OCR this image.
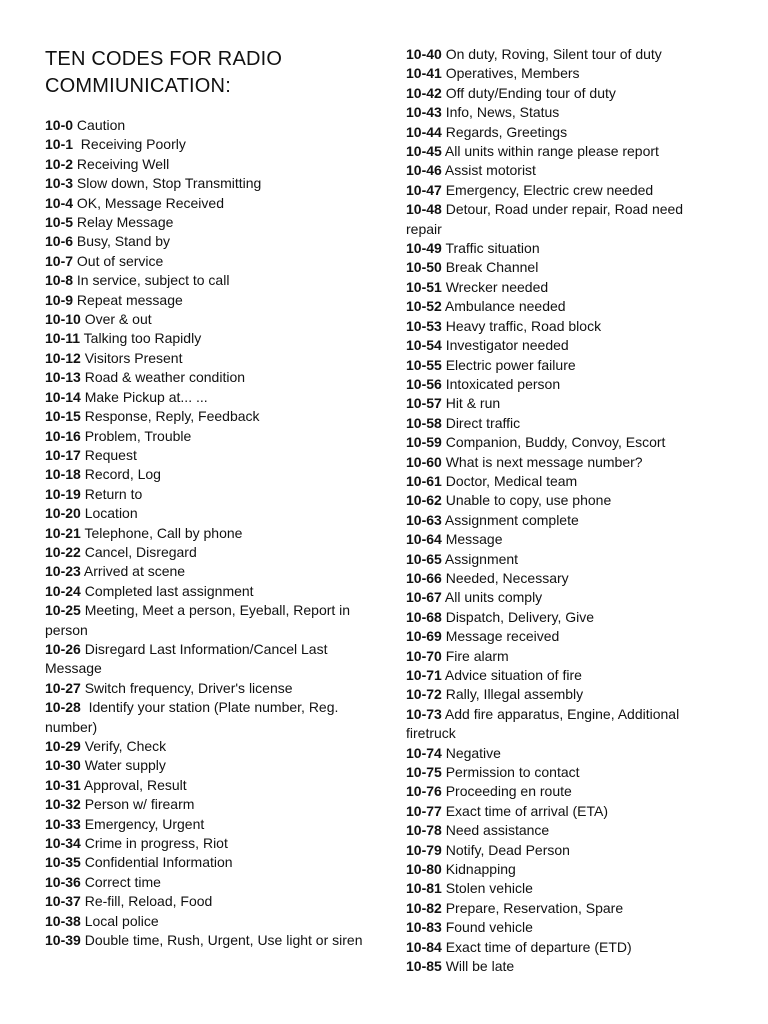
TEN CODES FOR RADIO COMMIUNICATION:

10-0 Caution

10-1  Receiving Poorly

10-2 Receiving Well

10-3 Slow down, Stop Transmitting

10-4 OK, Message Received

10-5 Relay Message

10-6 Busy, Stand by

10-7 Out of service

10-8 In service, subject to call

10-9 Repeat message

10-10 Over & out

10-11 Talking too Rapidly

10-12 Visitors Present

10-13 Road & weather condition

10-14 Make Pickup at... ...

10-15 Response, Reply, Feedback

10-16 Problem, Trouble

10-17 Request

10-18 Record, Log

10-19 Return to

10-20 Location

10-21 Telephone, Call by phone

10-22 Cancel, Disregard

10-23 Arrived at scene

10-24 Completed last assignment

10-25 Meeting, Meet a person, Eyeball, Report in person

10-26 Disregard Last Information/Cancel Last Message

10-27 Switch frequency, Driver's license

10-28  Identify your station (Plate number, Reg. number)

10-29 Verify, Check

10-30 Water supply

10-31 Approval, Result

10-32 Person w/ firearm

10-33 Emergency, Urgent

10-34 Crime in progress, Riot

10-35 Confidential Information

10-36 Correct time

10-37 Re-fill, Reload, Food

10-38 Local police

10-39 Double time, Rush, Urgent, Use light or siren

10-40 On duty, Roving, Silent tour of duty

10-41 Operatives, Members

10-42 Off duty/Ending tour of duty

10-43 Info, News, Status

10-44 Regards, Greetings

10-45 All units within range please report

10-46 Assist motorist

10-47 Emergency, Electric crew needed

10-48 Detour, Road under repair, Road need repair

10-49 Traffic situation

10-50 Break Channel

10-51 Wrecker needed

10-52 Ambulance needed

10-53 Heavy traffic, Road block

10-54 Investigator needed

10-55 Electric power failure

10-56 Intoxicated person

10-57 Hit & run

10-58 Direct traffic

10-59 Companion, Buddy, Convoy, Escort

10-60 What is next message number?

10-61 Doctor, Medical team

10-62 Unable to copy, use phone

10-63 Assignment complete

10-64 Message

10-65 Assignment

10-66 Needed, Necessary

10-67 All units comply

10-68 Dispatch, Delivery, Give

10-69 Message received

10-70 Fire alarm

10-71 Advice situation of fire

10-72 Rally, Illegal assembly

10-73 Add fire apparatus, Engine, Additional firetruck

10-74 Negative

10-75 Permission to contact

10-76 Proceeding en route

10-77 Exact time of arrival (ETA)

10-78 Need assistance

10-79 Notify, Dead Person

10-80 Kidnapping

10-81 Stolen vehicle

10-82 Prepare, Reservation, Spare

10-83 Found vehicle

10-84 Exact time of departure (ETD)

10-85 Will be late
